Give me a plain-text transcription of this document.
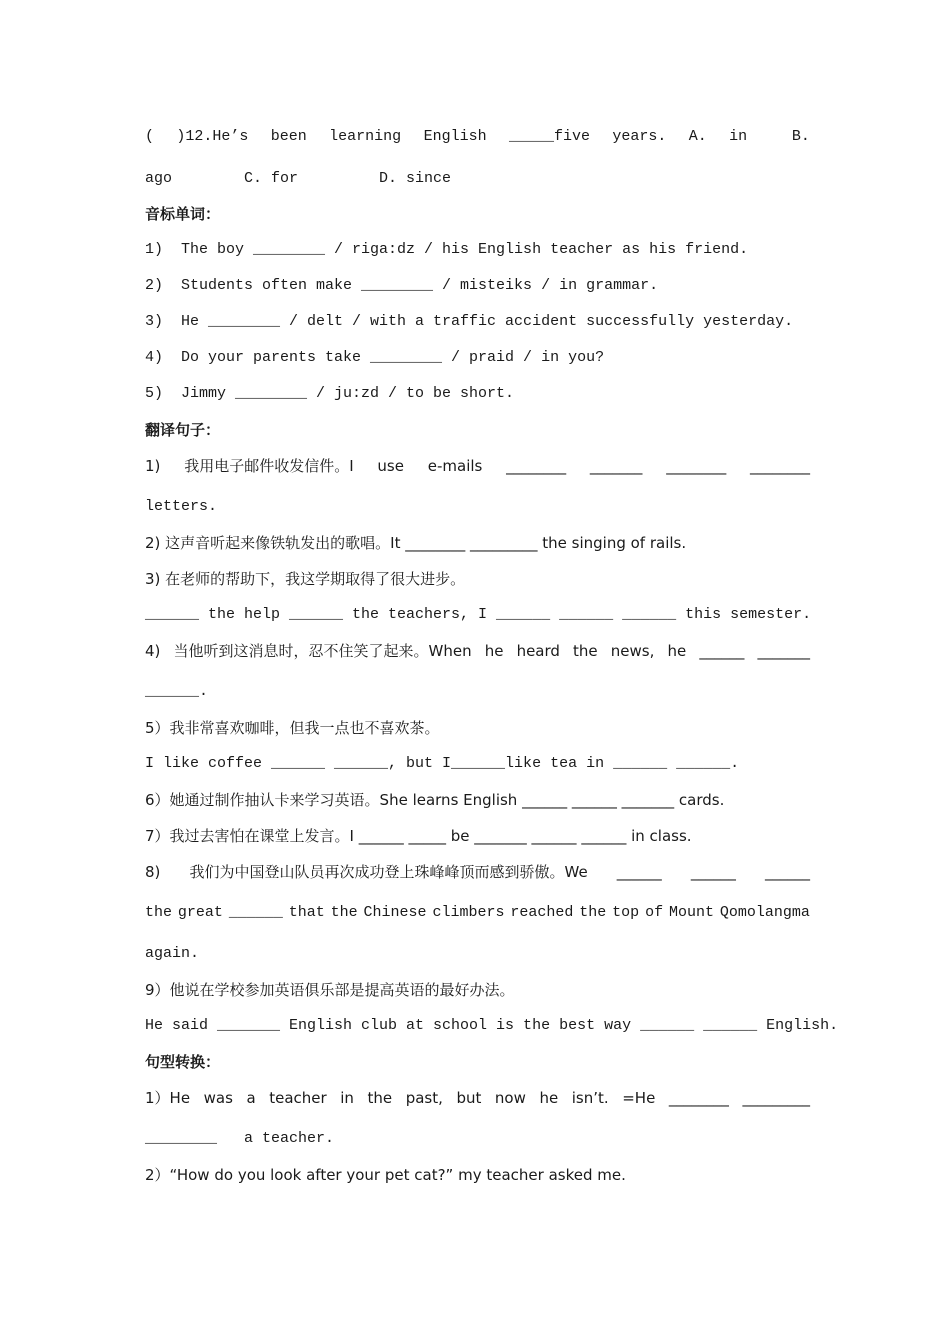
( )12.He’s been learning English _____five years. A. in	B.
ago        C. for         D. since
音标单词：
1)  The boy ________ / riga:dz / his English teacher as his friend.
2)  Students often make ________ / misteiks / in grammar.
3)  He ________ / delt / with a traffic accident successfully yesterday.
4)  Do your parents take ________ / praid / in you?
5)  Jimmy ________ / ju:zd / to be short.
翻译句子：
1) 我用电子邮件收发信件。I use e-mails ________ _______ ________ ________
letters.
2) 这声音听起来像铁轨发出的歌唱。It ________ _________ the singing of rails.
3) 在老师的帮助下，我这学期取得了很大进步。
______ the help ______ the teachers, I ______ ______ ______ this semester.
4) 当他听到这消息时，忍不住笑了起来。When he heard the news, he ______ _______
______.
5）我非常喜欢咖啡，但我一点也不喜欢茶。
I like coffee ______ ______, but I______like tea in ______ ______.
6）她通过制作抽认卡来学习英语。She learns English ______ ______ _______ cards.
7）我过去害怕在课堂上发言。I ______ _____ be _______ ______ ______ in class.
8) 我们为中国登山队员再次成功登上珠峰峰顶而感到骄傲。We ______ ______ ______
the great ______ that the Chinese climbers reached the top of Mount Qomolangma
again.
9）他说在学校参加英语俱乐部是提高英语的最好办法。
He said _______ English club at school is the best way ______ ______ English.
句型转换：
1）He was a teacher in the past, but now he isn’t. =He ________ _________
________   a teacher.
2）“How do you look after your pet cat?” my teacher asked me.
